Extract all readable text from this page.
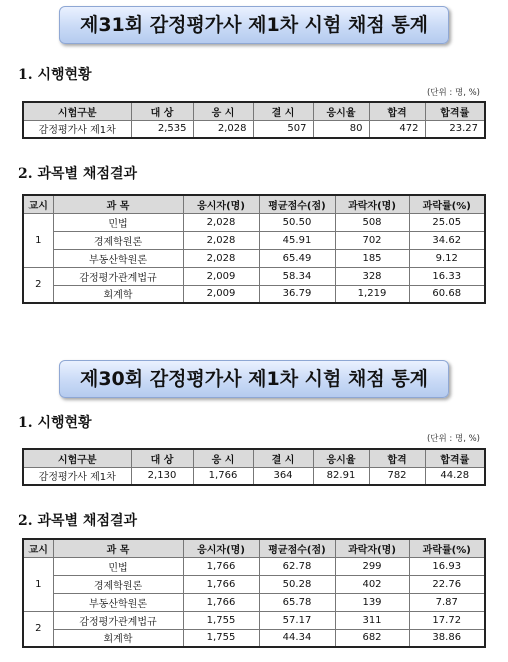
제31회 감정평가사 제1차 시험 채점 통계
1. 시행현황
(단위 : 명, %)
시험구분	대 상	응 시	결 시	응시율	합격	합격률
감정평가사 제1차	2,535	2,028	507	80	472	23.27
2. 과목별 채점결과
교시	과 목	응시자(명)	평균점수(점)	과락자(명)	과락률(%)
1	민법	2,028	50.50	508	25.05
	경제학원론	2,028	45.91	702	34.62
	부동산학원론	2,028	65.49	185	9.12
2	감정평가관계법규	2,009	58.34	328	16.33
	회계학	2,009	36.79	1,219	60.68
제30회 감정평가사 제1차 시험 채점 통계
1. 시행현황
(단위 : 명, %)
시험구분	대 상	응 시	결 시	응시율	합격	합격률
감정평가사 제1차	2,130	1,766	364	82.91	782	44.28
2. 과목별 채점결과
교시	과 목	응시자(명)	평균점수(점)	과락자(명)	과락률(%)
1	민법	1,766	62.78	299	16.93
	경제학원론	1,766	50.28	402	22.76
	부동산학원론	1,766	65.78	139	7.87
2	감정평가관계법규	1,755	57.17	311	17.72
	회계학	1,755	44.34	682	38.86
